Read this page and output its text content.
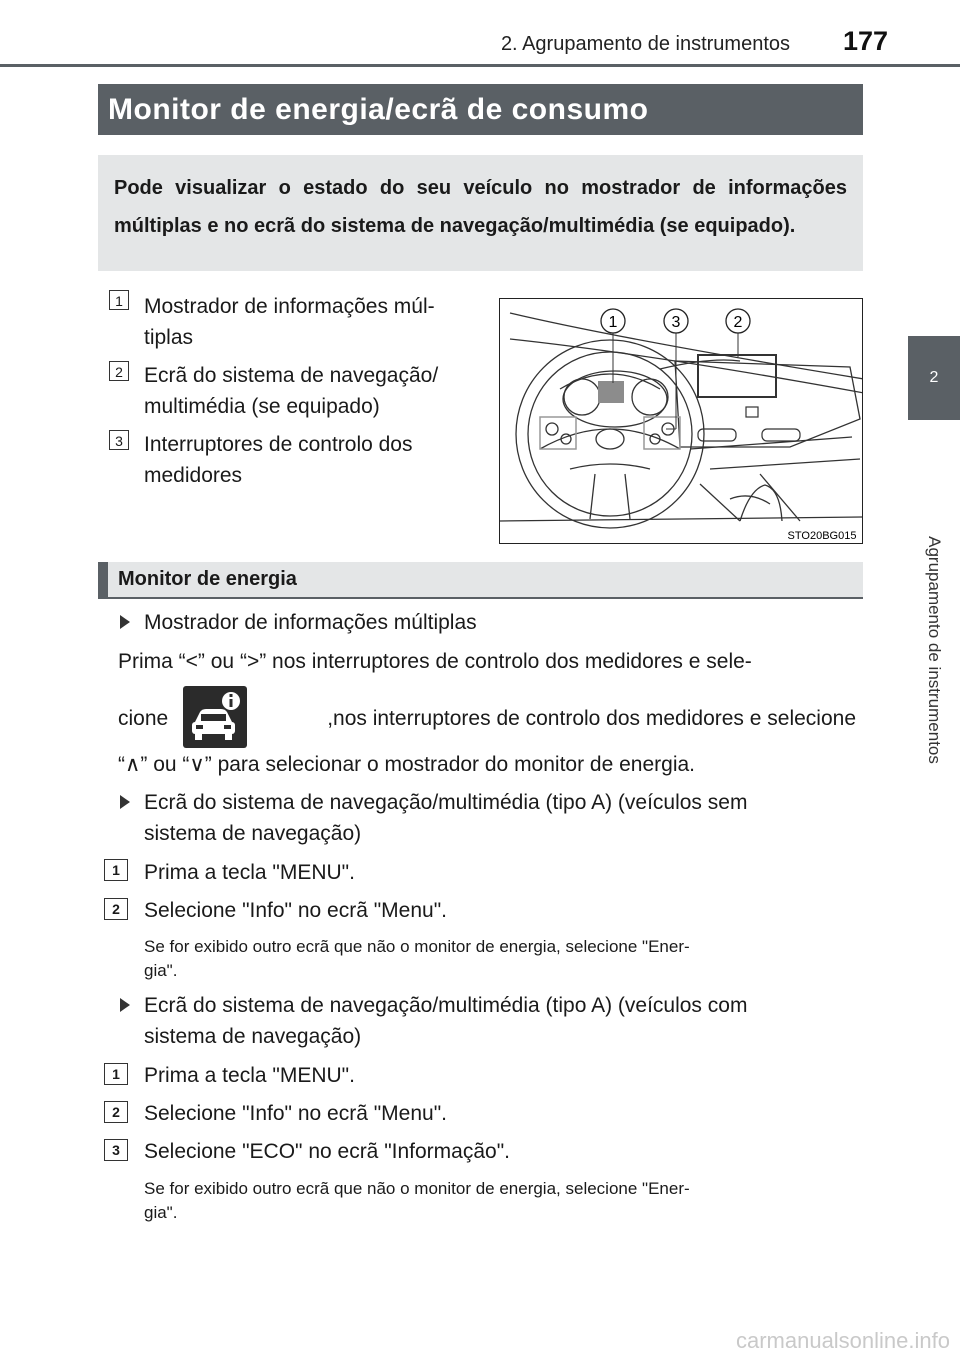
2. Agrupamento de instrumentos 177
2
Agrupamento de instrumentos
Monitor de energia/ecrã de consumo
Pode visualizar o estado do seu veículo no mostrador de informações múltiplas e no ecrã do sistema de navegação/multimédia (se equipado).
1 Mostrador de informações múl-
tiplas
2 Ecrã do sistema de navegação/
multimédia (se equipado)
3 Interruptores de controlo dos
medidores
1	3	2
STO20BG015
Monitor de energia
Mostrador de informações múltiplas
Prima “<” ou “>” nos interruptores de controlo dos medidores e sele-
cione	,nos interruptores de controlo dos medidores e selecione
“∧” ou “∨” para selecionar o mostrador do monitor de energia.
Ecrã do sistema de navegação/multimédia (tipo A) (veículos sem
sistema de navegação)
1	Prima a tecla "MENU".
2	Selecione "Info" no ecrã "Menu".
Se for exibido outro ecrã que não o monitor de energia, selecione "Ener-
gia".
Ecrã do sistema de navegação/multimédia (tipo A) (veículos com
sistema de navegação)
1	Prima a tecla "MENU".
2	Selecione "Info" no ecrã "Menu".
3	Selecione "ECO" no ecrã "Informação".
Se for exibido outro ecrã que não o monitor de energia, selecione "Ener-
gia".
carmanualsonline.info
